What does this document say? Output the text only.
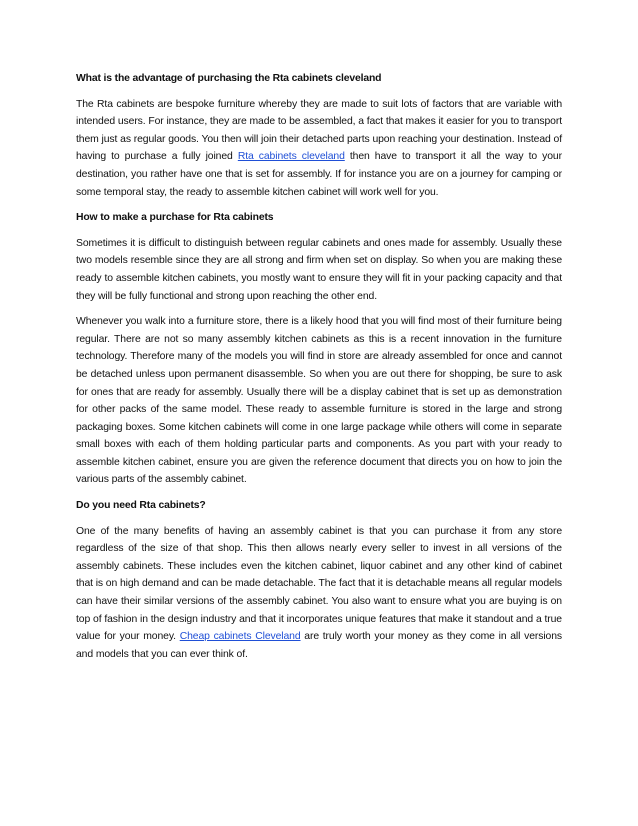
What is the advantage of purchasing the Rta cabinets cleveland

The Rta cabinets are bespoke furniture whereby they are made to suit lots of factors that are variable with intended users. For instance, they are made to be assembled, a fact that makes it easier for you to transport them just as regular goods. You then will join their detached parts upon reaching your destination. Instead of having to purchase a fully joined Rta cabinets cleveland then have to transport it all the way to your destination, you rather have one that is set for assembly. If for instance you are on a journey for camping or some temporal stay, the ready to assemble kitchen cabinet will work well for you.

How to make a purchase for Rta cabinets

Sometimes it is difficult to distinguish between regular cabinets and ones made for assembly. Usually these two models resemble since they are all strong and firm when set on display. So when you are making these ready to assemble kitchen cabinets, you mostly want to ensure they will fit in your packing capacity and that they will be fully functional and strong upon reaching the other end.

Whenever you walk into a furniture store, there is a likely hood that you will find most of their furniture being regular. There are not so many assembly kitchen cabinets as this is a recent innovation in the furniture technology. Therefore many of the models you will find in store are already assembled for once and cannot be detached unless upon permanent disassemble. So when you are out there for shopping, be sure to ask for ones that are ready for assembly. Usually there will be a display cabinet that is set up as demonstration for other packs of the same model. These ready to assemble furniture is stored in the large and strong packaging boxes. Some kitchen cabinets will come in one large package while others will come in separate small boxes with each of them holding particular parts and components. As you part with your ready to assemble kitchen cabinet, ensure you are given the reference document that directs you on how to join the various parts of the assembly cabinet.

Do you need Rta cabinets?

One of the many benefits of having an assembly cabinet is that you can purchase it from any store regardless of the size of that shop. This then allows nearly every seller to invest in all versions of the assembly cabinets. These includes even the kitchen cabinet, liquor cabinet and any other kind of cabinet that is on high demand and can be made detachable. The fact that it is detachable means all regular models can have their similar versions of the assembly cabinet. You also want to ensure what you are buying is on top of fashion in the design industry and that it incorporates unique features that make it standout and a true value for your money. Cheap cabinets Cleveland are truly worth your money as they come in all versions and models that you can ever think of.
